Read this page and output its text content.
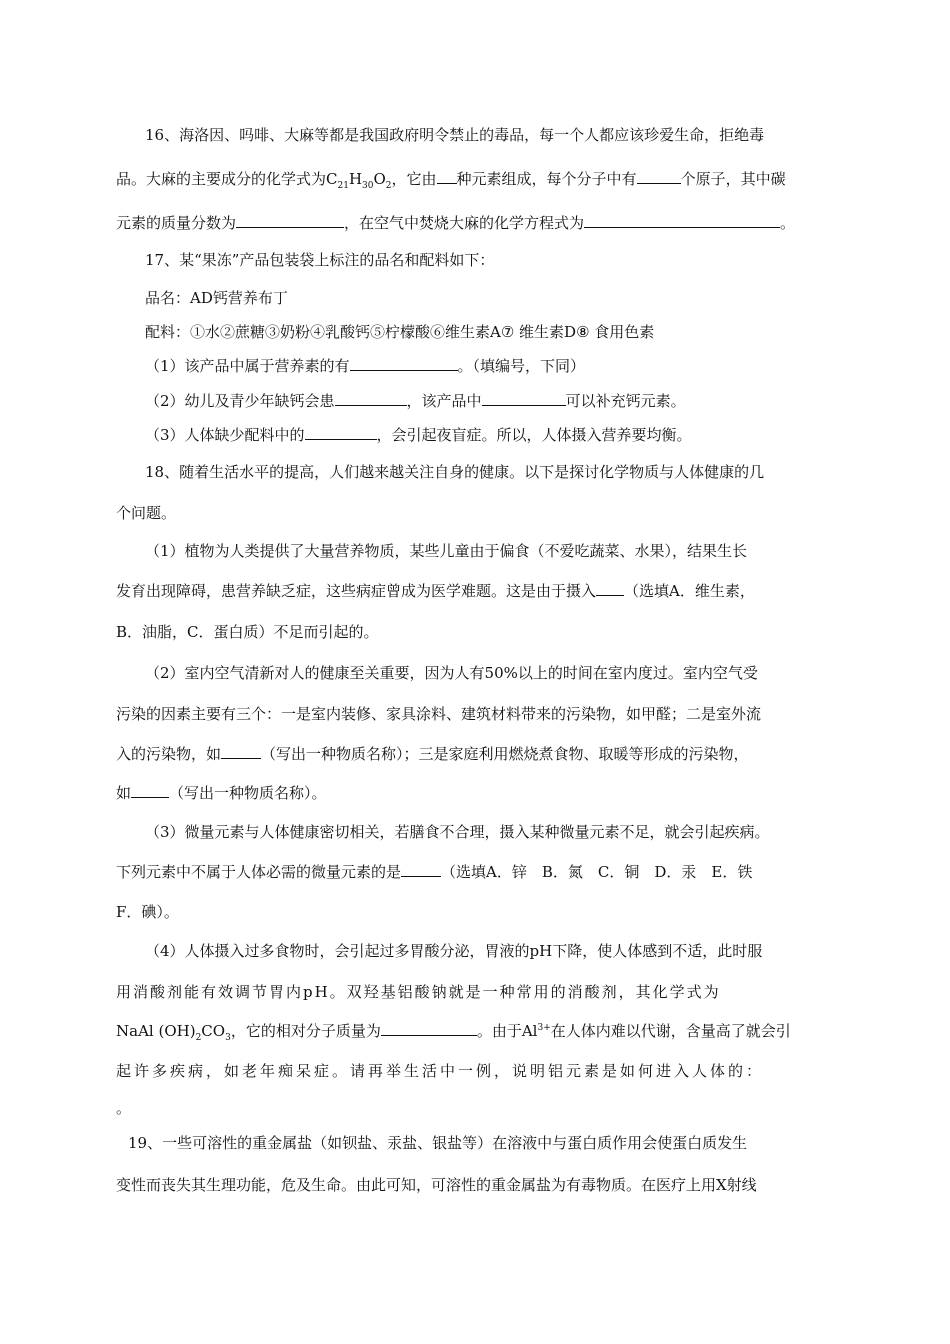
16、海洛因、吗啡、大麻等都是我国政府明令禁止的毒品，每一个人都应该珍爱生命，拒绝毒
品。大麻的主要成分的化学式为$C_{21}H_{30}O_2$，它由 种元素组成，每个分子中有	个原子，其中碳
元素的质量分数为	，在空气中焚烧大麻的化学方程式为	。
17、某“果冻”产品包装袋上标注的品名和配料如下：
品名：AD钙营养布丁
配料：①水②蔗糖③奶粉④乳酸钙⑤柠檬酸⑥维生素A⑦ 维生素D⑧ 食用色素
（1）该产品中属于营养素的有	。（填编号，下同）
（2）幼儿及青少年缺钙会患	，该产品中	可以补充钙元素。
（3）人体缺少配料中的	，会引起夜盲症。所以，人体摄入营养要均衡。
18、随着生活水平的提高，人们越来越关注自身的健康。以下是探讨化学物质与人体健康的几
个问题。
（1）植物为人类提供了大量营养物质，某些儿童由于偏食（不爱吃蔬菜、水果），结果生长
发育出现障碍，患营养缺乏症，这些病症曾成为医学难题。这是由于摄入 （选填A．维生素，
B．油脂，C．蛋白质）不足而引起的。
（2）室内空气清新对人的健康至关重要，因为人有50%以上的时间在室内度过。室内空气受
污染的因素主要有三个：一是室内装修、家具涂料、建筑材料带来的污染物，如甲醛；二是室外流
入的污染物，如	（写出一种物质名称）；三是家庭利用燃烧煮食物、取暖等形成的污染物，
如	（写出一种物质名称）。
（3）微量元素与人体健康密切相关，若膳食不合理，摄入某种微量元素不足，就会引起疾病。
下列元素中不属于人体必需的微量元素的是	（选填A．锌　B．氮　C．铜　D．汞　E．铁
F．碘）。
（4）人体摄入过多食物时，会引起过多胃酸分泌，胃液的pH下降，使人体感到不适，此时服
用消酸剂能有效调节胃内pH。双羟基铝酸钠就是一种常用的消酸剂，其化学式为
NaAl $(OH)_2CO_3$，它的相对分子质量为	。由于$Al^{3+}$在人体内难以代谢，含量高了就会引
起许多疾病，如老年痴呆症。请再举生活中一例，说明铝元素是如何进入人体的：
。
19、一些可溶性的重金属盐（如钡盐、汞盐、银盐等）在溶液中与蛋白质作用会使蛋白质发生
变性而丧失其生理功能，危及生命。由此可知，可溶性的重金属盐为有毒物质。在医疗上用X射线
